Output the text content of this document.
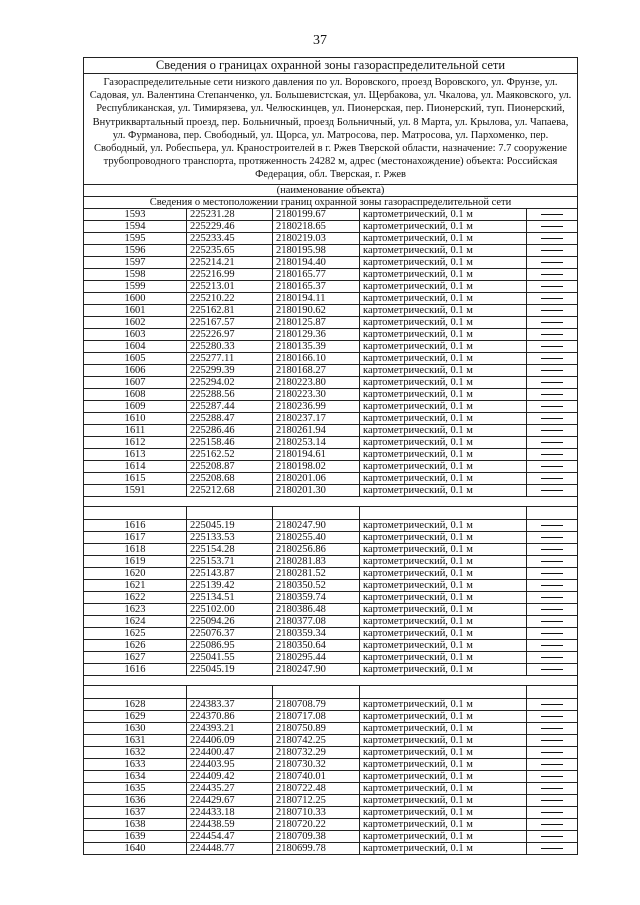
37
Сведения о границах охранной зоны газораспределительной сети				
Газораспределительные сети низкого давления по ул. Воровского, проезд Воровского, ул. Фрунзе, ул. Садовая, ул. Валентина Степанченко, ул. Большевистская, ул. Щербакова, ул. Чкалова, ул. Маяковского, ул. Республиканская, ул. Тимирязева, ул. Челюскинцев, ул. Пионерская, пер. Пионерский, туп. Пионерский, Внутриквартальный проезд, пер. Больничный, проезд Больничный, ул. 8 Марта, ул. Крылова, ул. Чапаева, ул. Фурманова, пер. Свободный, ул. Щорса, ул. Матросова, пер. Матросова, ул. Пархоменко, пер. Свободный, ул. Робеспьера, ул. Краностроителей в г. Ржев Тверской области, назначение: 7.7 сооружение трубопроводного транспорта, протяженность 24282 м, адрес (местонахождение) объекта: Российская Федерация, обл. Тверская, г. Ржев				
(наименование объекта)				
Сведения о местоположении границ охранной зоны газораспределительной сети				
1593	225231.28	2180199.67	картометрический, 0.1 м	
1594	225229.46	2180218.65	картометрический, 0.1 м	
1595	225233.45	2180219.03	картометрический, 0.1 м	
1596	225235.65	2180195.98	картометрический, 0.1 м	
1597	225214.21	2180194.40	картометрический, 0.1 м	
1598	225216.99	2180165.77	картометрический, 0.1 м	
1599	225213.01	2180165.37	картометрический, 0.1 м	
1600	225210.22	2180194.11	картометрический, 0.1 м	
1601	225162.81	2180190.62	картометрический, 0.1 м	
1602	225167.57	2180125.87	картометрический, 0.1 м	
1603	225226.97	2180129.36	картометрический, 0.1 м	
1604	225280.33	2180135.39	картометрический, 0.1 м	
1605	225277.11	2180166.10	картометрический, 0.1 м	
1606	225299.39	2180168.27	картометрический, 0.1 м	
1607	225294.02	2180223.80	картометрический, 0.1 м	
1608	225288.56	2180223.30	картометрический, 0.1 м	
1609	225287.44	2180236.99	картометрический, 0.1 м	
1610	225288.47	2180237.17	картометрический, 0.1 м	
1611	225286.46	2180261.94	картометрический, 0.1 м	
1612	225158.46	2180253.14	картометрический, 0.1 м	
1613	225162.52	2180194.61	картометрический, 0.1 м	
1614	225208.87	2180198.02	картометрический, 0.1 м	
1615	225208.68	2180201.06	картометрический, 0.1 м	
1591	225212.68	2180201.30	картометрический, 0.1 м	

1616	225045.19	2180247.90	картометрический, 0.1 м	
1617	225133.53	2180255.40	картометрический, 0.1 м	
1618	225154.28	2180256.86	картометрический, 0.1 м	
1619	225153.71	2180281.83	картометрический, 0.1 м	
1620	225143.87	2180281.52	картометрический, 0.1 м	
1621	225139.42	2180350.52	картометрический, 0.1 м	
1622	225134.51	2180359.74	картометрический, 0.1 м	
1623	225102.00	2180386.48	картометрический, 0.1 м	
1624	225094.26	2180377.08	картометрический, 0.1 м	
1625	225076.37	2180359.34	картометрический, 0.1 м	
1626	225086.95	2180350.64	картометрический, 0.1 м	
1627	225041.55	2180295.44	картометрический, 0.1 м	
1616	225045.19	2180247.90	картометрический, 0.1 м	

1628	224383.37	2180708.79	картометрический, 0.1 м	
1629	224370.86	2180717.08	картометрический, 0.1 м	
1630	224393.21	2180750.89	картометрический, 0.1 м	
1631	224406.09	2180742.25	картометрический, 0.1 м	
1632	224400.47	2180732.29	картометрический, 0.1 м	
1633	224403.95	2180730.32	картометрический, 0.1 м	
1634	224409.42	2180740.01	картометрический, 0.1 м	
1635	224435.27	2180722.48	картометрический, 0.1 м	
1636	224429.67	2180712.25	картометрический, 0.1 м	
1637	224433.18	2180710.33	картометрический, 0.1 м	
1638	224438.59	2180720.22	картометрический, 0.1 м	
1639	224454.47	2180709.38	картометрический, 0.1 м	
1640	224448.77	2180699.78	картометрический, 0.1 м	
